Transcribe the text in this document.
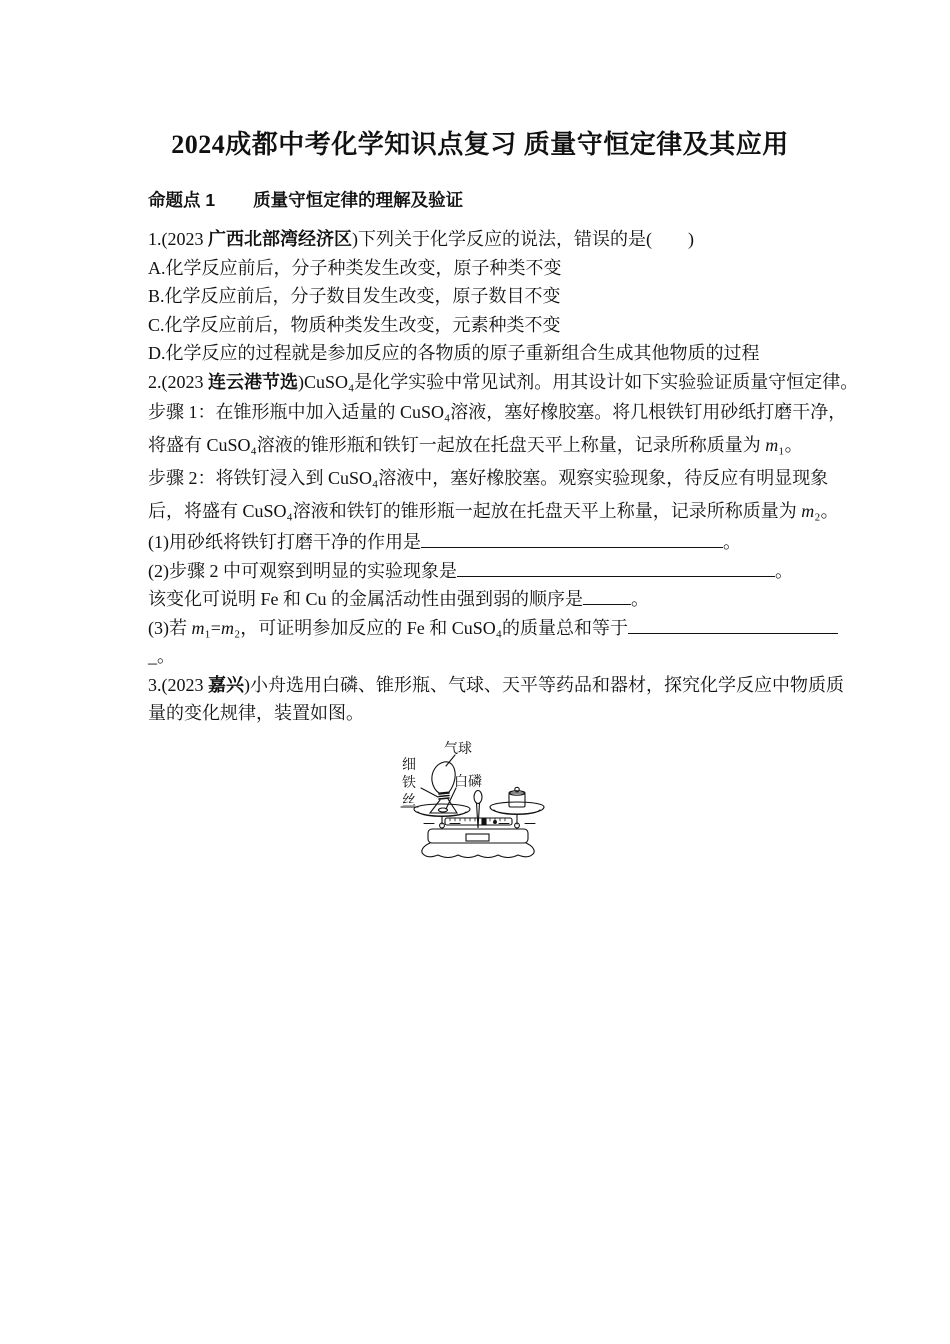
2024成都中考化学知识点复习 质量守恒定律及其应用
命题点 1 质量守恒定律的理解及验证
1.(2023 广西北部湾经济区)下列关于化学反应的说法，错误的是(　　)
A.化学反应前后，分子种类发生改变，原子种类不变
B.化学反应前后，分子数目发生改变，原子数目不变
C.化学反应前后，物质种类发生改变，元素种类不变
D.化学反应的过程就是参加反应的各物质的原子重新组合生成其他物质的过程
2.(2023 连云港节选)CuSO₄是化学实验中常见试剂。用其设计如下实验验证质量守恒定律。
步骤 1：在锥形瓶中加入适量的 CuSO₄溶液，塞好橡胶塞。将几根铁钉用砂纸打磨干净，
将盛有 CuSO₄溶液的锥形瓶和铁钉一起放在托盘天平上称量，记录所称质量为 m₁。
步骤 2：将铁钉浸入到 CuSO₄溶液中，塞好橡胶塞。观察实验现象，待反应有明显现象
后，将盛有 CuSO₄溶液和铁钉的锥形瓶一起放在托盘天平上称量，记录所称质量为 m₂。
(1)用砂纸将铁钉打磨干净的作用是	。
(2)步骤 2 中可观察到明显的实验现象是	。
该变化可说明 Fe 和 Cu 的金属活动性由强到弱的顺序是	。
(3)若 m₁=m₂，可证明参加反应的 Fe 和 CuSO₄的质量总和等于
_。
3.(2023 嘉兴)小舟选用白磷、锥形瓶、气球、天平等药品和器材，探究化学反应中物质质
量的变化规律，装置如图。
气球
细
铁
丝
白磷
